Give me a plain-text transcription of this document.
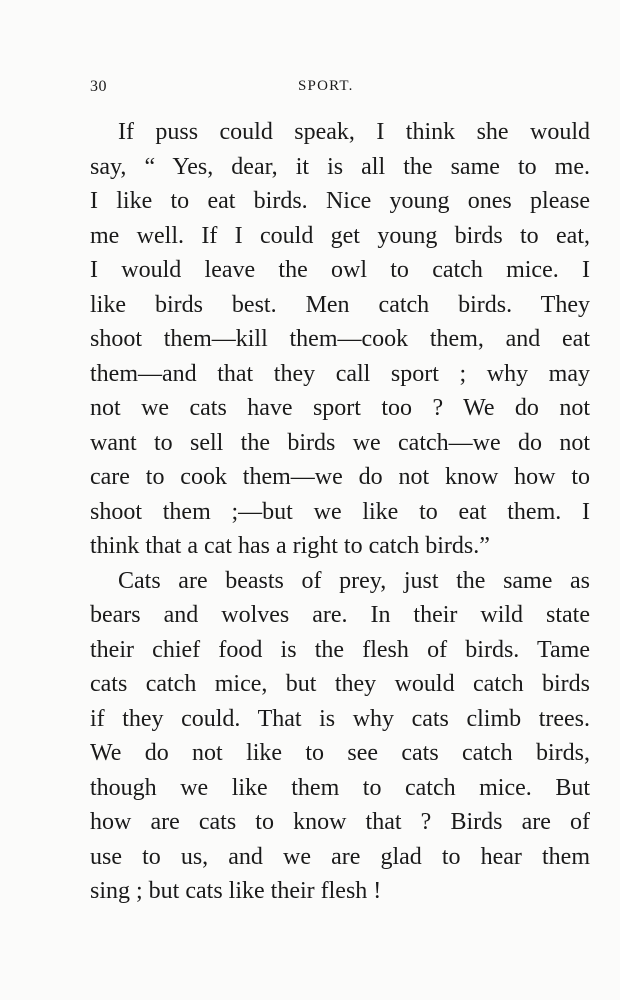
30	SPORT.
If puss could speak, I think she would
say, “ Yes, dear, it is all the same to me.
I like to eat birds. Nice young ones please
me well. If I could get young birds to eat,
I would leave the owl to catch mice. I
like birds best. Men catch birds. They
shoot them—kill them—cook them, and eat
them—and that they call sport ; why may
not we cats have sport too ? We do not
want to sell the birds we catch—we do not
care to cook them—we do not know how to
shoot them ;—but we like to eat them. I
think that a cat has a right to catch birds.”
Cats are beasts of prey, just the same as
bears and wolves are. In their wild state
their chief food is the flesh of birds. Tame
cats catch mice, but they would catch birds
if they could. That is why cats climb trees.
We do not like to see cats catch birds,
though we like them to catch mice. But
how are cats to know that ? Birds are of
use to us, and we are glad to hear them
sing ; but cats like their flesh !
